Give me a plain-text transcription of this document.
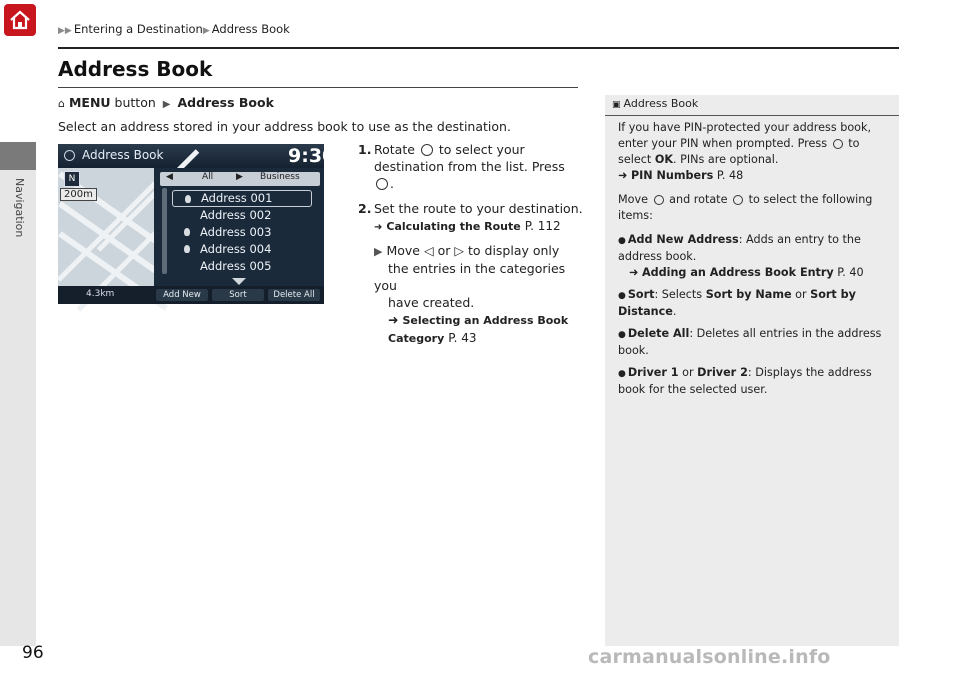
Navigation
▶▶ Entering a Destination▶ Address Book
Address Book
⌂ MENU button ▶ Address Book
Select an address stored in your address book to use as the destination.
Address Book	9:30
N
200m
◀	All	▶ Business
Address 001
Address 002
Address 003
Address 004
Address 005
Add New	Sort	Delete All
4.3km
1. Rotate to select your
destination from the list. Press .
2. Set the route to your destination.
➜ Calculating the Route P. 112
▶ Move ◁ or ▷ to display only
the entries in the categories you
have created.
➜ Selecting an Address Book
Category P. 43
▣ Address Book

If you have PIN-protected your address book, enter your PIN when prompted. Press to select OK. PINs are optional.
➜ PIN Numbers P. 48

Move and rotate to select the following items:

● Add New Address: Adds an entry to the address book.
➜ Adding an Address Book Entry P. 40
● Sort: Selects Sort by Name or Sort by Distance.
● Delete All: Deletes all entries in the address book.
● Driver 1 or Driver 2: Displays the address book for the selected user.
96	carmanualsonline.info
